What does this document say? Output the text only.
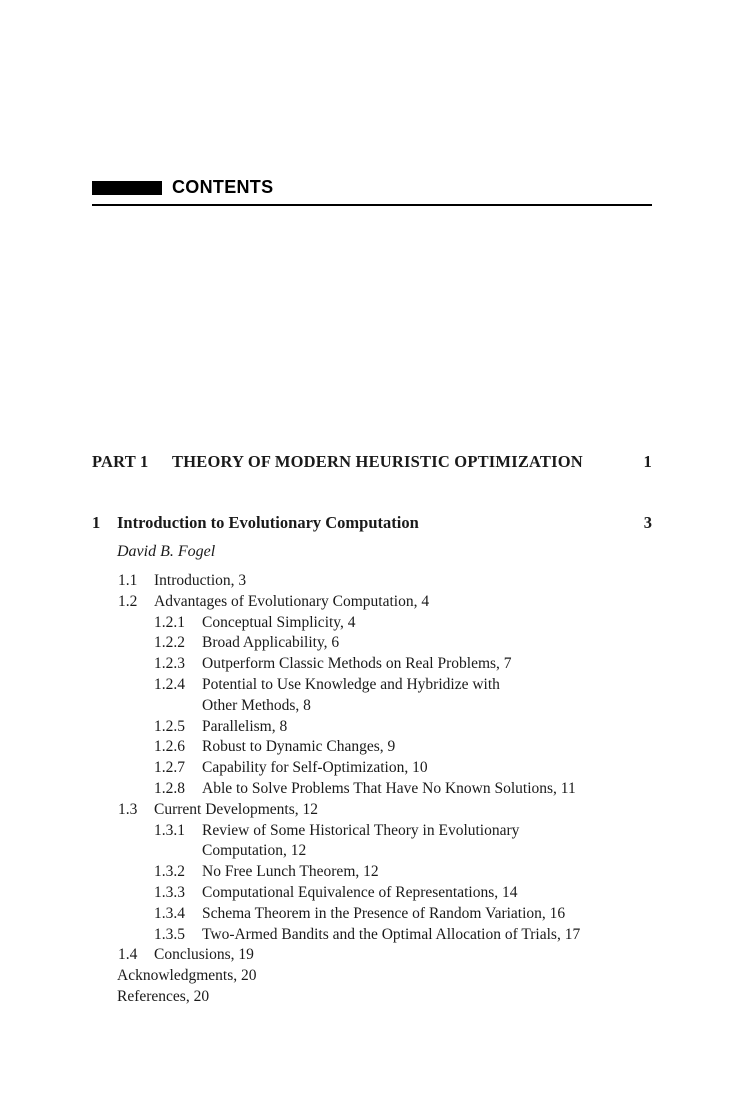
CONTENTS
PART 1 THEORY OF MODERN HEURISTIC OPTIMIZATION	1
1 Introduction to Evolutionary Computation	3
David B. Fogel
1.1 Introduction, 3
1.2 Advantages of Evolutionary Computation, 4
1.2.1 Conceptual Simplicity, 4
1.2.2 Broad Applicability, 6
1.2.3 Outperform Classic Methods on Real Problems, 7
1.2.4 Potential to Use Knowledge and Hybridize with
Other Methods, 8
1.2.5 Parallelism, 8
1.2.6 Robust to Dynamic Changes, 9
1.2.7 Capability for Self-Optimization, 10
1.2.8 Able to Solve Problems That Have No Known Solutions, 11
1.3 Current Developments, 12
1.3.1 Review of Some Historical Theory in Evolutionary
Computation, 12
1.3.2 No Free Lunch Theorem, 12
1.3.3 Computational Equivalence of Representations, 14
1.3.4 Schema Theorem in the Presence of Random Variation, 16
1.3.5 Two-Armed Bandits and the Optimal Allocation of Trials, 17
1.4 Conclusions, 19
Acknowledgments, 20
References, 20
